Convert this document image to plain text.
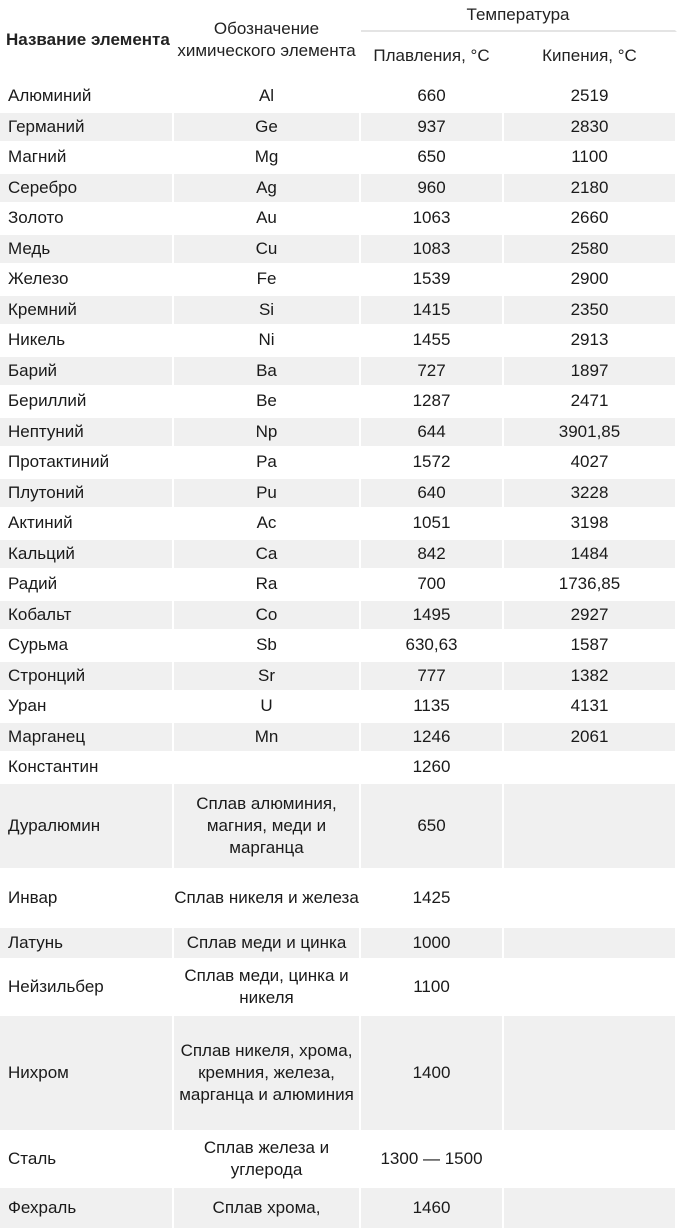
Название элемента	Обозначение химического элемента	Температура	
		Плавления, °С	Кипения, °С
Алюминий	Al	660	2519
Германий	Ge	937	2830
Магний	Mg	650	1100
Серебро	Ag	960	2180
Золото	Au	1063	2660
Медь	Cu	1083	2580
Железо	Fe	1539	2900
Кремний	Si	1415	2350
Никель	Ni	1455	2913
Барий	Ba	727	1897
Бериллий	Be	1287	2471
Нептуний	Np	644	3901,85
Протактиний	Pa	1572	4027
Плутоний	Pu	640	3228
Актиний	Ac	1051	3198
Кальций	Ca	842	1484
Радий	Ra	700	1736,85
Кобальт	Co	1495	2927
Сурьма	Sb	630,63	1587
Стронций	Sr	777	1382
Уран	U	1135	4131
Марганец	Mn	1246	2061
Константин		1260	
Дуралюмин	Сплав алюминия, магния, меди и марганца	650	
Инвар	Сплав никеля и железа	1425	
Латунь	Сплав меди и цинка	1000	
Нейзильбер	Сплав меди, цинка и никеля	1100	
Нихром	Сплав никеля, хрома, кремния, железа, марганца и алюминия	1400	
Сталь	Сплав железа и углерода	1300 — 1500	
Фехраль	Сплав хрома,	1460	
